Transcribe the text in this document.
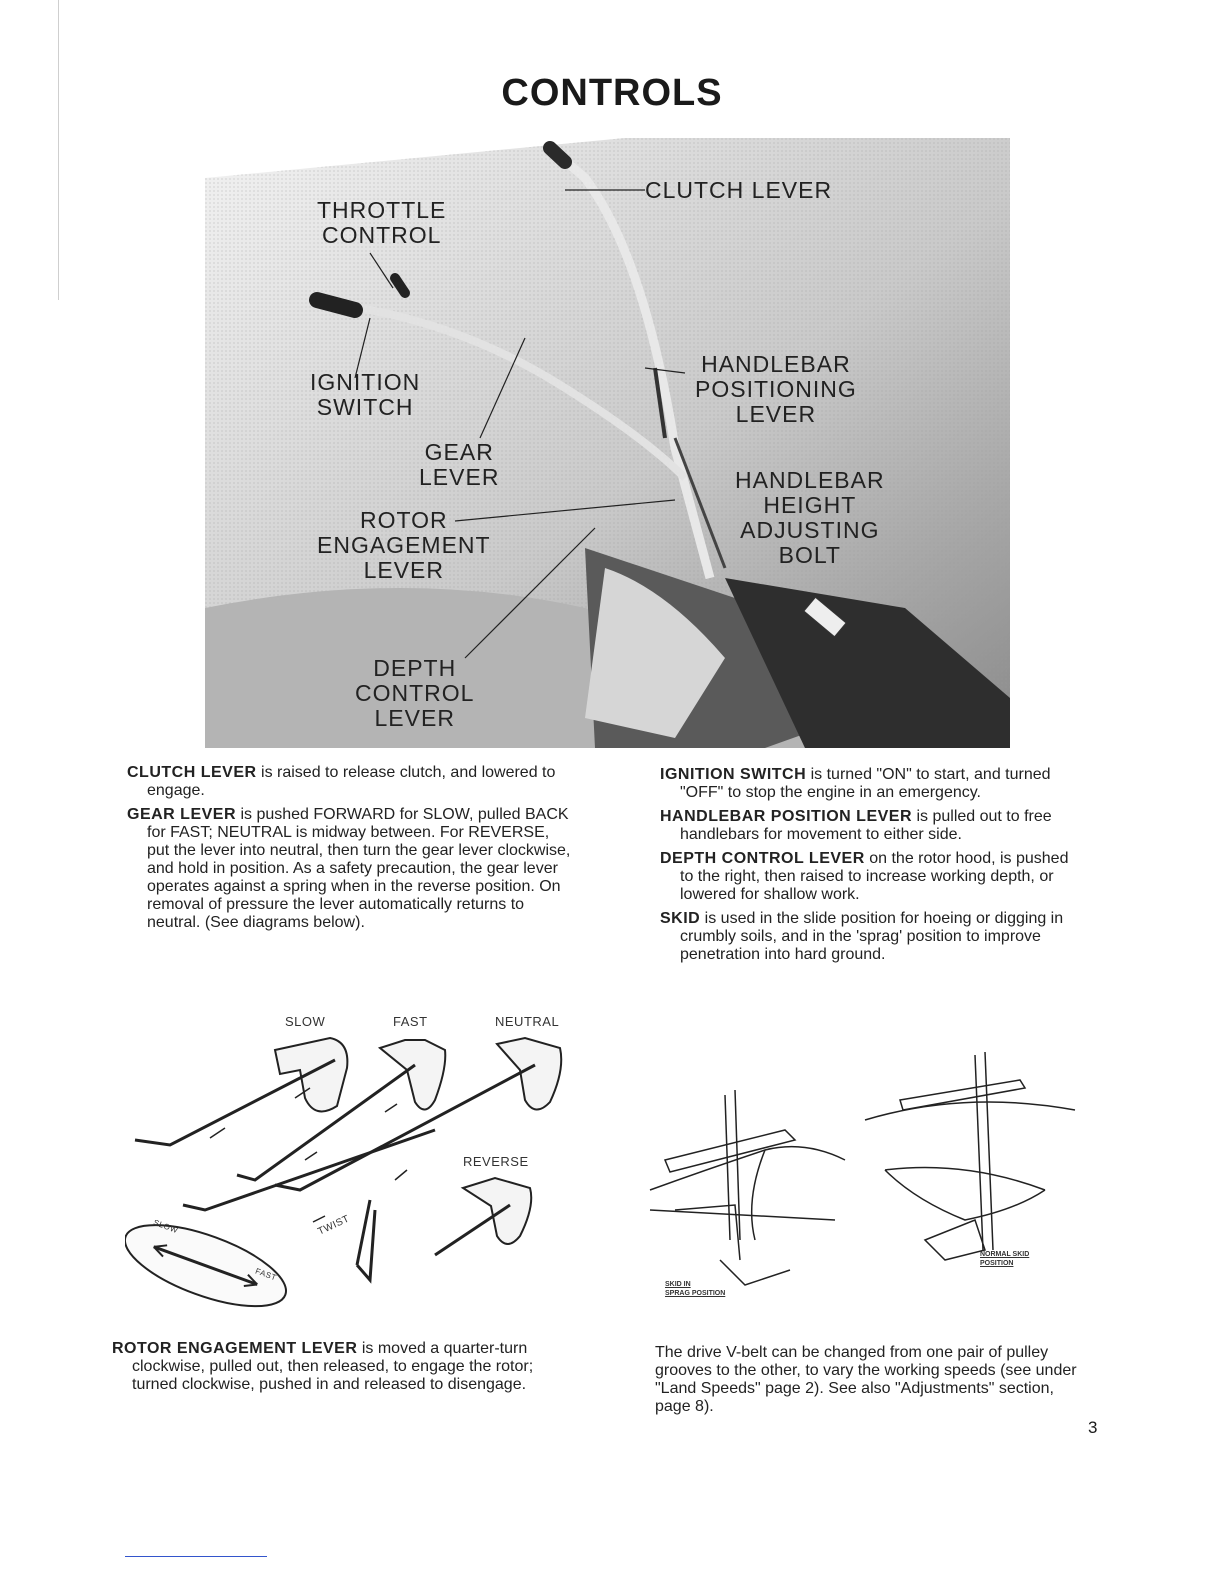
CONTROLS
THROTTLE
CONTROL
CLUTCH LEVER
IGNITION
SWITCH
GEAR
LEVER
HANDLEBAR
POSITIONING
LEVER
HANDLEBAR
HEIGHT
ADJUSTING
BOLT
ROTOR
ENGAGEMENT
LEVER
DEPTH
CONTROL
LEVER

CLUTCH LEVER is raised to release clutch, and lowered to engage.

GEAR LEVER is pushed FORWARD for SLOW, pulled BACK for FAST; NEUTRAL is midway between. For REVERSE, put the lever into neutral, then turn the gear lever clockwise, and hold in position. As a safety precaution, the gear lever operates against a spring when in the reverse position. On removal of pressure the lever automatically returns to neutral. (See diagrams below).

IGNITION SWITCH is turned "ON" to start, and turned "OFF" to stop the engine in an emergency.

HANDLEBAR POSITION LEVER is pulled out to free handlebars for movement to either side.

DEPTH CONTROL LEVER on the rotor hood, is pushed to the right, then raised to increase working depth, or lowered for shallow work.

SKID is used in the slide position for hoeing or digging in crumbly soils, and in the 'sprag' position to improve penetration into hard ground.

SLOW	FAST	NEUTRAL
REVERSE
TWIST
SLOW
FAST
SKID IN
SPRAG POSITION
NORMAL SKID
POSITION

ROTOR ENGAGEMENT LEVER is moved a quarter-turn clockwise, pulled out, then released, to engage the rotor; turned clockwise, pushed in and released to disengage.

The drive V-belt can be changed from one pair of pulley grooves to the other, to vary the working speeds (see under "Land Speeds" page 2). See also "Adjustments" section, page 8).

3
